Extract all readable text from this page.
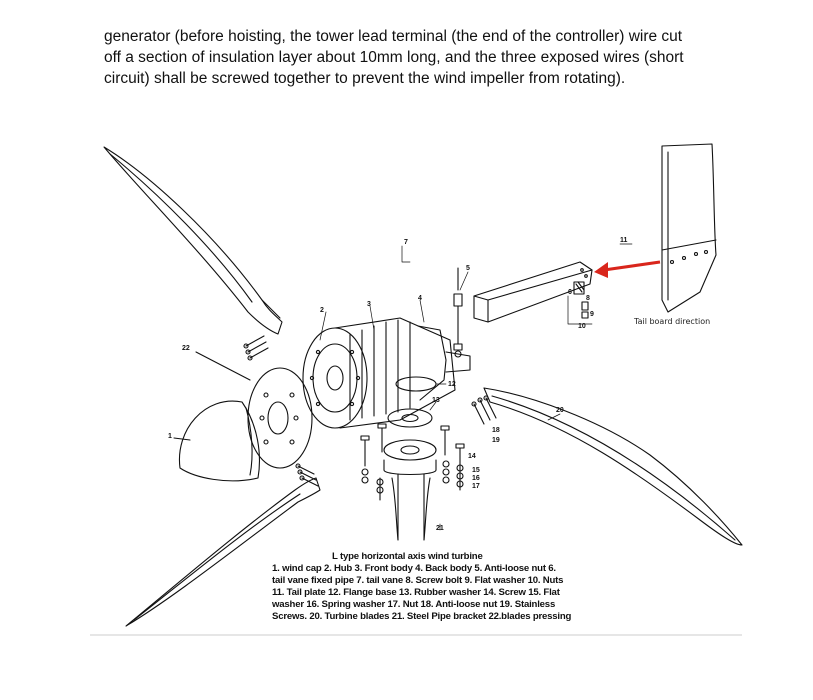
generator (before hoisting, the tower lead terminal (the end of the controller) wire cut
off a section of insulation layer about 10mm long, and the three exposed wires (short
circuit) shall be screwed together to prevent the wind impeller from rotating).
1
2
3
4
5
6
7
8
9
10
11
12
13
14
15
16
17
18
19
20
21
22
Tail board direction
L type horizontal axis wind turbine
1. wind cap 2. Hub 3. Front body 4. Back body 5. Anti-loose nut 6.
tail vane fixed pipe 7. tail vane 8. Screw bolt 9. Flat washer 10. Nuts
11. Tail plate 12. Flange base 13. Rubber washer 14. Screw 15. Flat
washer 16. Spring washer 17. Nut 18. Anti-loose nut 19. Stainless
Screws. 20. Turbine blades 21. Steel Pipe bracket 22.blades pressing
